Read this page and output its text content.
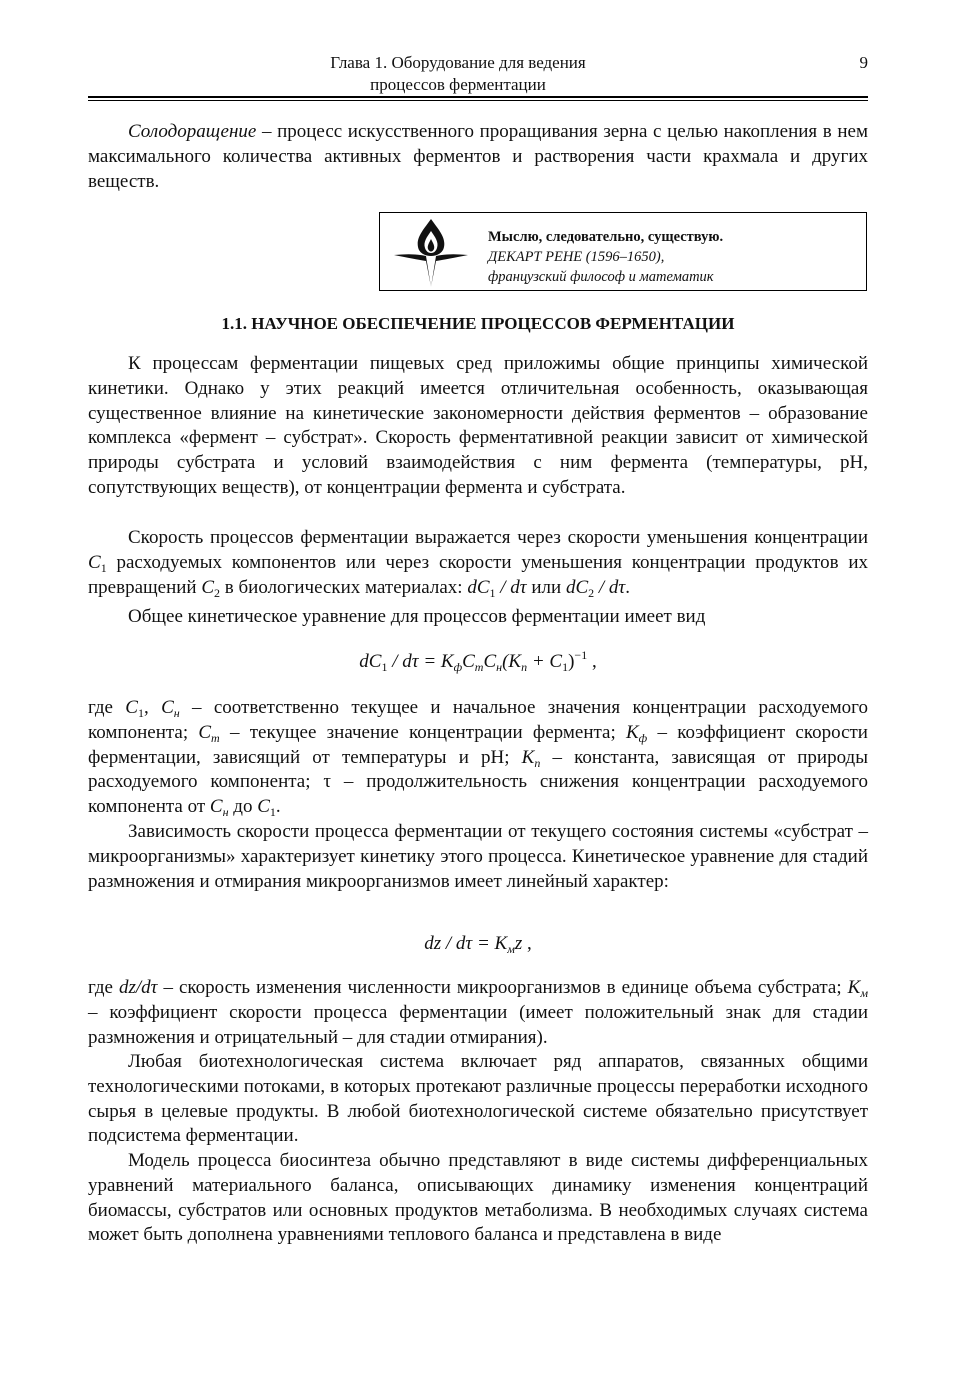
Глава 1. Оборудование для ведения
процессов ферментации
9

Солодоращение – процесс искусственного проращивания зерна с целью накопления в нем максимального количества активных ферментов и растворения части крахмала и других веществ.

Мыслю, следовательно, существую.
ДЕКАРТ РЕНЕ (1596–1650),
французский философ и математик
1.1. НАУЧНОЕ ОБЕСПЕЧЕНИЕ ПРОЦЕССОВ ФЕРМЕНТАЦИИ

К процессам ферментации пищевых сред приложимы общие принципы химической кинетики. Однако у этих реакций имеется отличительная особенность, оказывающая существенное влияние на кинетические закономерности действия ферментов – образование комплекса «фермент – субстрат». Скорость ферментативной реакции зависит от химической природы субстрата и условий взаимодействия с ним фермента (температуры, pH, сопутствующих веществ), от концентрации фермента и субстрата.

Скорость процессов ферментации выражается через скорости уменьшения концентрации $C_1$ расходуемых компонентов или через скорости уменьшения концентрации продуктов их превращений $C_2$ в биологических материалах: $dC_1$ / dτ или $dC_2$ / dτ.

Общее кинетическое уравнение для процессов ферментации имеет вид

$dC_1 / d\tau = K_фC_тC_н(K_п + C_1)^{-1}$ ,

где $C_1$, $C_н$ – соответственно текущее и начальное значения концентрации расходуемого компонента; $C_т$ – текущее значение концентрации фермента; $K_ф$ – коэффициент скорости ферментации, зависящий от температуры и pH; $K_п$ – константа, зависящая от природы расходуемого компонента; τ – продолжительность снижения концентрации расходуемого компонента от $C_н$ до $C_1$.

Зависимость скорости процесса ферментации от текущего состояния системы «субстрат – микроорганизмы» характеризует кинетику этого процесса. Кинетическое уравнение для стадий размножения и отмирания микроорганизмов имеет линейный характер:

dz / $d\tau = K_мz$ ,

где dz/dτ – скорость изменения численности микроорганизмов в единице объема субстрата; $K_м$ – коэффициент скорости процесса ферментации (имеет положительный знак для стадии размножения и отрицательный – для стадии отмирания).

Любая биотехнологическая система включает ряд аппаратов, связанных общими технологическими потоками, в которых протекают различные процессы переработки исходного сырья в целевые продукты. В любой биотехнологической системе обязательно присутствует подсистема ферментации.

Модель процесса биосинтеза обычно представляют в виде системы дифференциальных уравнений материального баланса, описывающих динамику изменения концентраций биомассы, субстратов или основных продуктов метаболизма. В необходимых случаях система может быть дополнена уравнениями теплового баланса и представлена в виде
